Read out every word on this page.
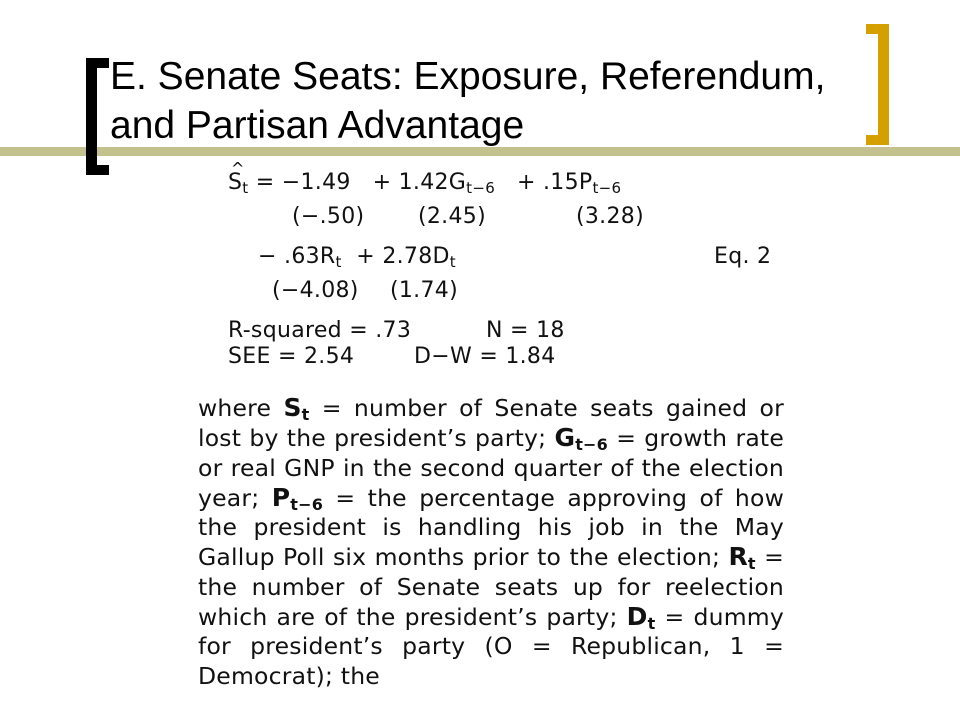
E. Senate Seats: Exposure, Referendum,
and Partisan Advantage
^ $S_t = -1.49 + 1.42G_{t-6} + .15P_{t-6}$
(−.50) (2.45)	(3.28)
− $.63R_t + 2.78D_t$	Eq. 2
(−4.08) (1.74)
R-squared = .73	N = 18
SEE = 2.54	D−W = 1.84

where $S_t$ = number of Senate seats gained or lost by the president’s party; $G_{t-6}$ = growth rate or real GNP in the second quarter of the election year; $P_{t-6}$ = the percentage approving of how the president is handling his job in the May Gallup Poll six months prior to the election; $R_t$ = the number of Senate seats up for reelection which are of the president’s party; $D_t$ = dummy for president’s party (O = Republican, 1 = Democrat); the
